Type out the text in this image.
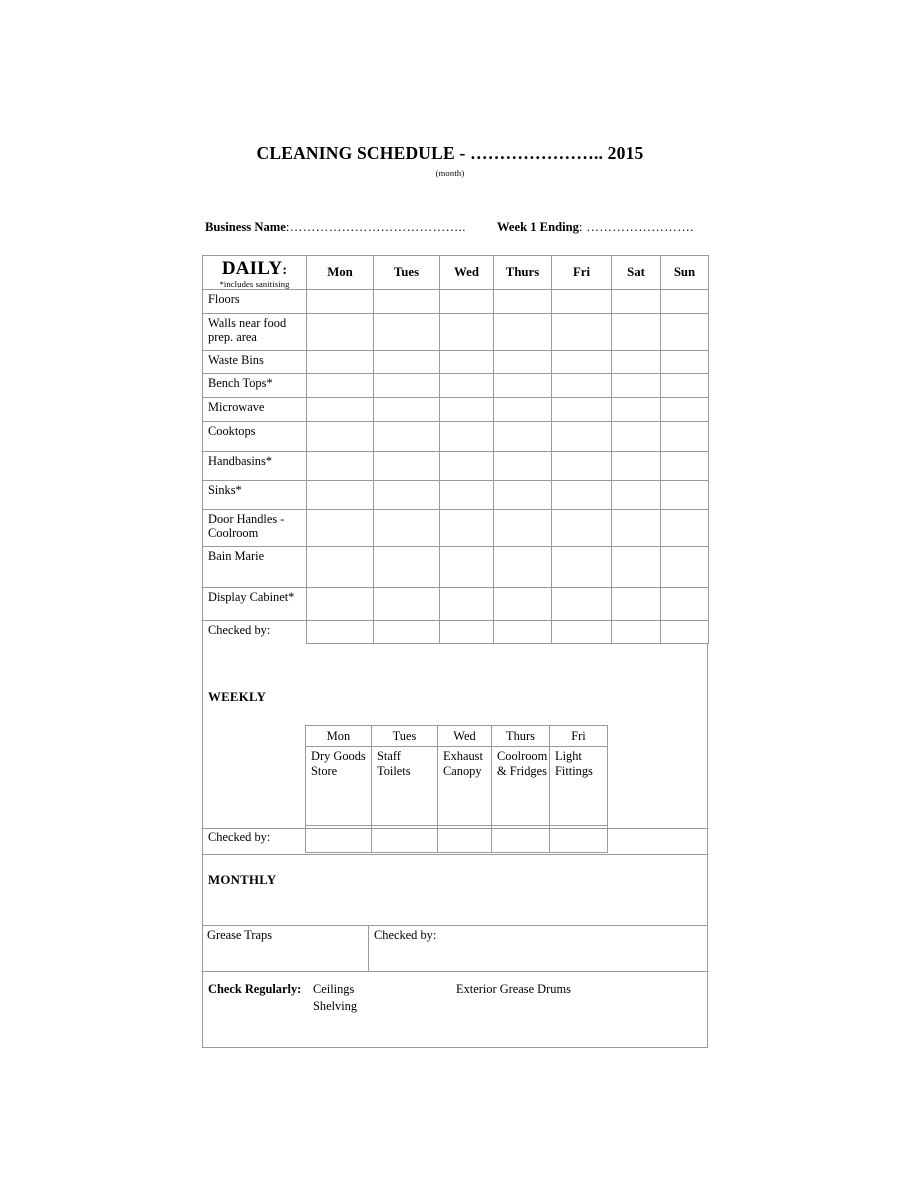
CLEANING SCHEDULE - ………………….. 2015
(month)
Business Name:………………………………….. Week 1 Ending: …………………….
DAILY:
*includes sanitising	Mon	Tues	Wed	Thurs	Fri	Sat	Sun
Floors							
Walls near food prep. area							
Waste Bins							
Bench Tops*							
Microwave							
Cooktops							
Handbasins*							
Sinks*							
Door Handles - Coolroom							
Bain Marie							
Display Cabinet*							
Checked by:							
WEEKLY
Mon	Tues	Wed	Thurs	Fri
Dry Goods Store	Staff Toilets	Exhaust Canopy	Coolroom & Fridges	Light Fittings

Checked by:
MONTHLY
Grease Traps	Checked by:
Check Regularly: Ceilings
Shelving
Exterior Grease Drums
